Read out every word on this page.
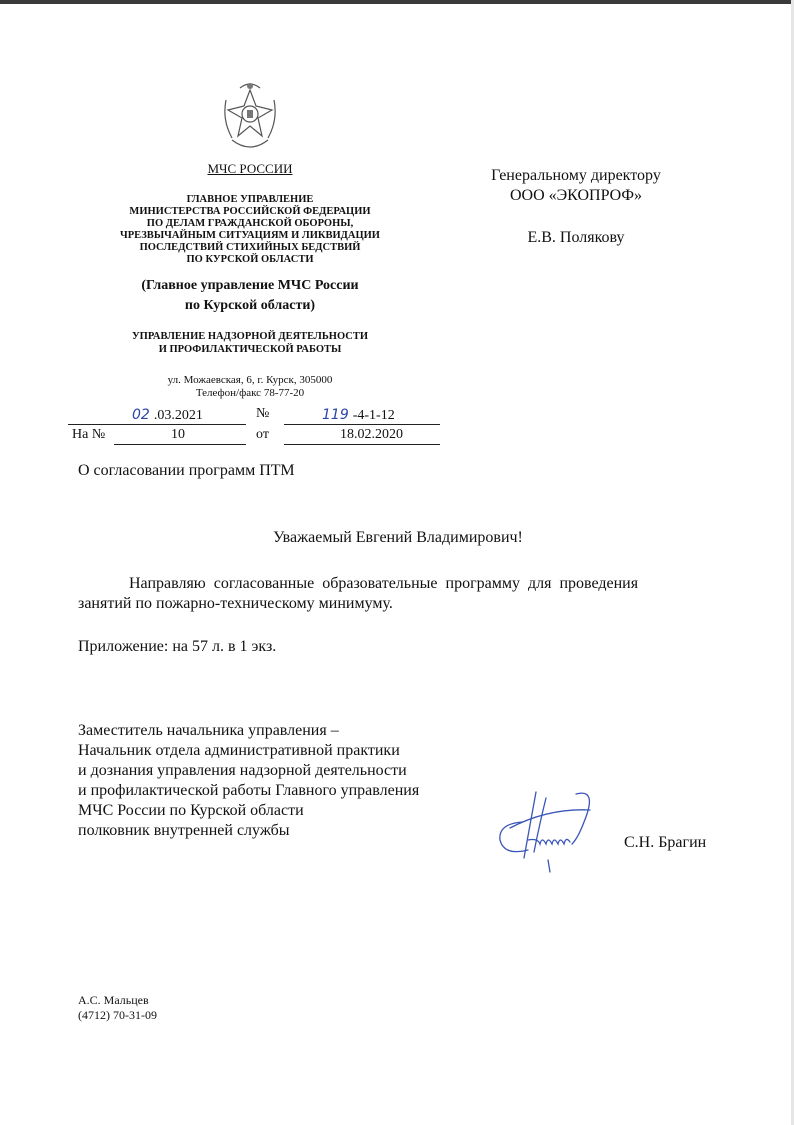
МЧС РОССИИ
ГЛАВНОЕ УПРАВЛЕНИЕ
МИНИСТЕРСТВА РОССИЙСКОЙ ФЕДЕРАЦИИ
ПО ДЕЛАМ ГРАЖДАНСКОЙ ОБОРОНЫ,
ЧРЕЗВЫЧАЙНЫМ СИТУАЦИЯМ И ЛИКВИДАЦИИ
ПОСЛЕДСТВИЙ СТИХИЙНЫХ БЕДСТВИЙ
ПО КУРСКОЙ ОБЛАСТИ
(Главное управление МЧС России
по Курской области)
УПРАВЛЕНИЕ НАДЗОРНОЙ ДЕЯТЕЛЬНОСТИ
И ПРОФИЛАКТИЧЕСКОЙ РАБОТЫ
ул. Можаевская, 6, г. Курск, 305000
Телефон/факс 78-77-20
02 .03.2021	№	119 -4-1-12
На №	10	от	18.02.2020
Генеральному директору
ООО «ЭКОПРОФ»
Е.В. Полякову
О согласовании программ ПТМ
Уважаемый Евгений Владимирович!
Направляю  согласованные  образовательные  программу  для  проведения
занятий по пожарно-техническому минимуму.
Приложение: на 57 л. в 1 экз.
Заместитель начальника управления –
Начальник отдела административной практики
и дознания управления надзорной деятельности
и профилактической работы Главного управления
МЧС России по Курской области
полковник внутренней службы
С.Н. Брагин
А.С. Мальцев
(4712) 70-31-09
